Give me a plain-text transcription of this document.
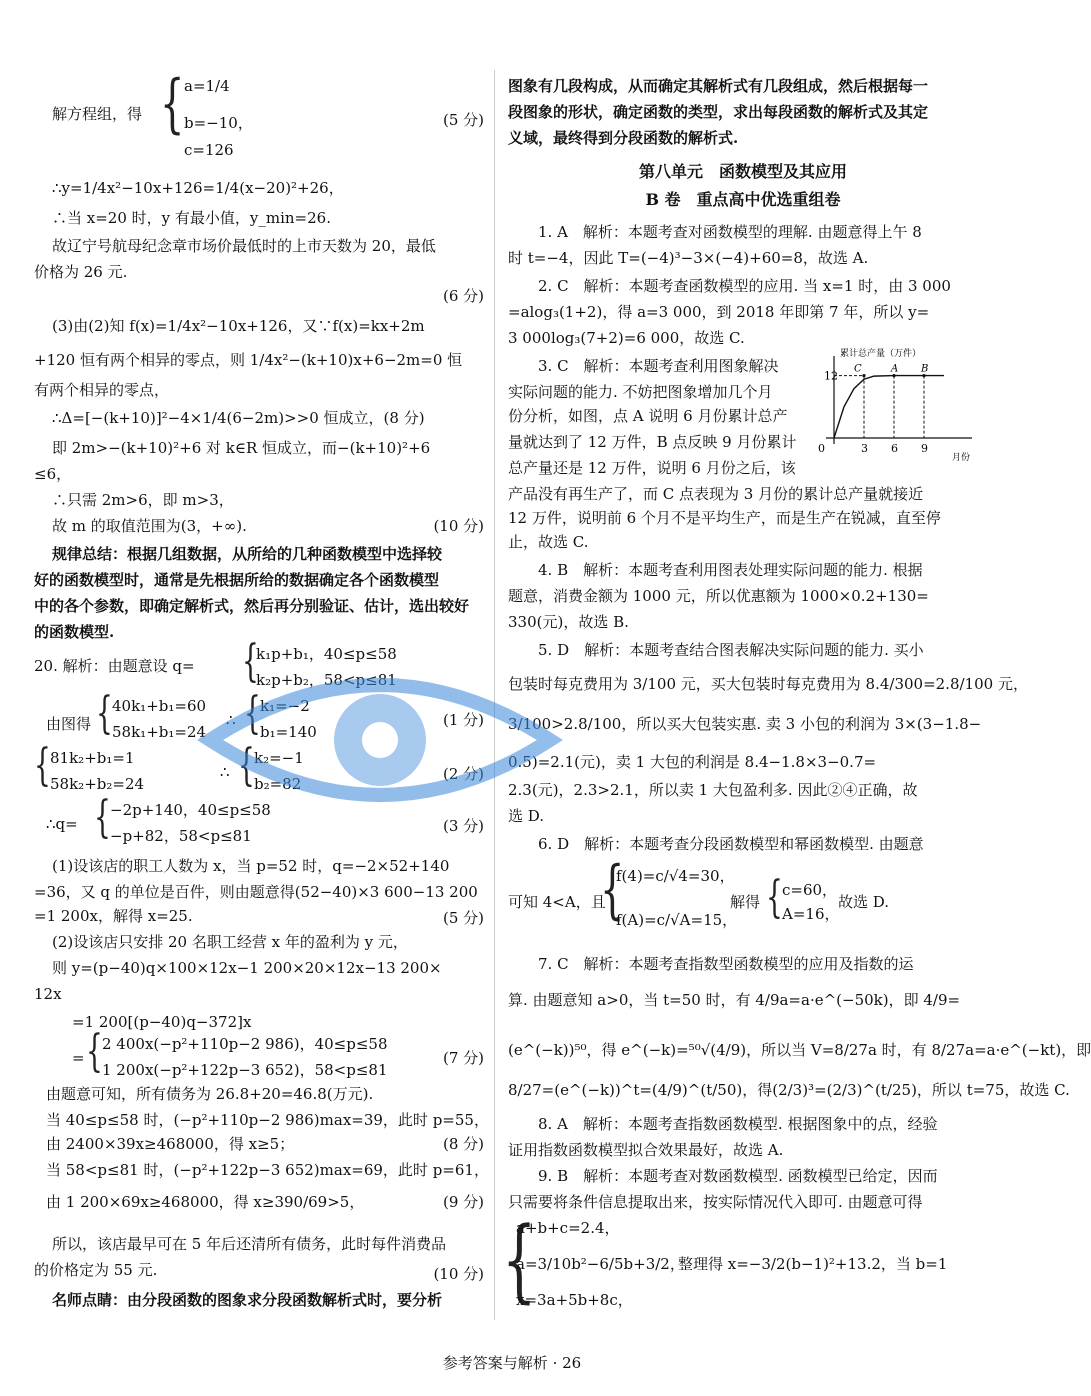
解方程组，得 { a=1/4
b=−10，
c=126
(5 分)
∴y=1/4x²−10x+126=1/4(x−20)²+26，
∴当 x=20 时，y 有最小值，y_min=26.
故辽宁号航母纪念章市场价最低时的上市天数为 20，最低
价格为 26 元.
(6 分)
(3)由(2)知 f(x)=1/4x²−10x+126，又∵f(x)=kx+2m
+120 恒有两个相异的零点，则 1/4x²−(k+10)x+6−2m=0 恒
有两个相异的零点，
∴Δ=[−(k+10)]²−4×1/4(6−2m)>>0 恒成立，(8 分)
即 2m>−(k+10)²+6 对 k∈R 恒成立，而−(k+10)²+6
≤6，
∴只需 2m>6，即 m>3，
故 m 的取值范围为(3，+∞).	(10 分)
规律总结：根据几组数据，从所给的几种函数模型中选择较
好的函数模型时，通常是先根据所给的数据确定各个函数模型
中的各个参数，即确定解析式，然后再分别验证、估计，选出较好
的函数模型.
20. 解析：由题意设 q= {
k₁p+b₁，40≤p≤58
k₂p+b₂，58<p≤81
由图得 { 40k₁+b₁=60
58k₁+b₁=24
∴ { k₁=−2
b₁=140
(1 分)
{ 81k₂+b₁=1
58k₂+b₂=24
∴ { k₂=−1
b₂=82
(2 分)
∴q= { −2p+140，40≤p≤58
−p+82，58<p≤81
(3 分)
(1)设该店的职工人数为 x，当 p=52 时，q=−2×52+140
=36，又 q 的单位是百件，则由题意得(52−40)×3 600−13 200
=1 200x，解得 x=25.	(5 分)
(2)设该店只安排 20 名职工经营 x 年的盈利为 y 元，
则 y=(p−40)q×100×12x−1 200×20×12x−13 200×
12x
=1 200[(p−40)q−372]x
= { 2 400x(−p²+110p−2 986)，40≤p≤58
1 200x(−p²+122p−3 652)，58<p≤81
(7 分)
由题意可知，所有债务为 26.8+20=46.8(万元).
当 40≤p≤58 时，(−p²+110p−2 986)max=39，此时 p=55，
由 2400×39x≥468000，得 x≥5；	(8 分)
当 58<p≤81 时，(−p²+122p−3 652)max=69，此时 p=61，
由 1 200×69x≥468000，得 x≥390/69>5，	(9 分)
所以，该店最早可在 5 年后还清所有债务，此时每件消费品
的价格定为 55 元.	(10 分)
名师点睛：由分段函数的图象求分段函数解析式时，要分析
图象有几段构成，从而确定其解析式有几段组成，然后根据每一
段图象的形状，确定函数的类型，求出每段函数的解析式及其定
义域，最终得到分段函数的解析式.
第八单元　函数模型及其应用
B 卷　重点高中优选重组卷
1. A　解析：本题考查对函数模型的理解. 由题意得上午 8
时 t=−4，因此 T=(−4)³−3×(−4)+60=8，故选 A.
2. C　解析：本题考查函数模型的应用. 当 x=1 时，由 3 000
=alog₃(1+2)，得 a=3 000，到 2018 年即第 7 年，所以 y=
3 000log₃(7+2)=6 000，故选 C.
3. C　解析：本题考查利用图象解决
实际问题的能力. 不妨把图象增加几个月
份分析，如图，点 A 说明 6 月份累计总产
量就达到了 12 万件，B 点反映 9 月份累计
总产量还是 12 万件，说明 6 月份之后，该
累计总产量（万件）
月份
12
0	3 6 9
C	A B
产品没有再生产了，而 C 点表现为 3 月份的累计总产量就接近
12 万件，说明前 6 个月不是平均生产，而是生产在锐减，直至停
止，故选 C.
4. B　解析：本题考查利用图表处理实际问题的能力. 根据
题意，消费金额为 1000 元，所以优惠额为 1000×0.2+130=
330(元)，故选 B.
5. D　解析：本题考查结合图表解决实际问题的能力. 买小
包装时每克费用为 3/100 元，买大包装时每克费用为 8.4/300=2.8/100 元，
3/100>2.8/100，所以买大包装实惠. 卖 3 小包的利润为 3×(3−1.8−
0.5)=2.1(元)，卖 1 大包的利润是 8.4−1.8×3−0.7=
2.3(元)，2.3>2.1，所以卖 1 大包盈利多. 因此②④正确，故
选 D.
6. D　解析：本题考查分段函数模型和幂函数模型. 由题意
可知 4<A，且
{
f(4)=c/√4=30，
f(A)=c/√A=15，
解得 { c=60，
A=16，
故选 D.
7. C　解析：本题考查指数型函数模型的应用及指数的运
算. 由题意知 a>0，当 t=50 时，有 4/9a=a·e^(−50k)，即 4/9=
(e^(−k))⁵⁰，得 e^(−k)=⁵⁰√(4/9)，所以当 V=8/27a 时，有 8/27a=a·e^(−kt)，即
8/27=(e^(−k))^t=(4/9)^(t/50)，得(2/3)³=(2/3)^(t/25)，所以 t=75，故选 C.
8. A　解析：本题考查指数函数模型. 根据图象中的点，经验
证用指数函数模型拟合效果最好，故选 A.
9. B　解析：本题考查对数函数模型. 函数模型已给定，因而
只需要将条件信息提取出来，按实际情况代入即可. 由题意可得
{
a+b+c=2.4，
a=3/10b²−6/5b+3/2，
x=3a+5b+8c，
整理得 x=−3/2(b−1)²+13.2，当 b=1
参考答案与解析 · 26
